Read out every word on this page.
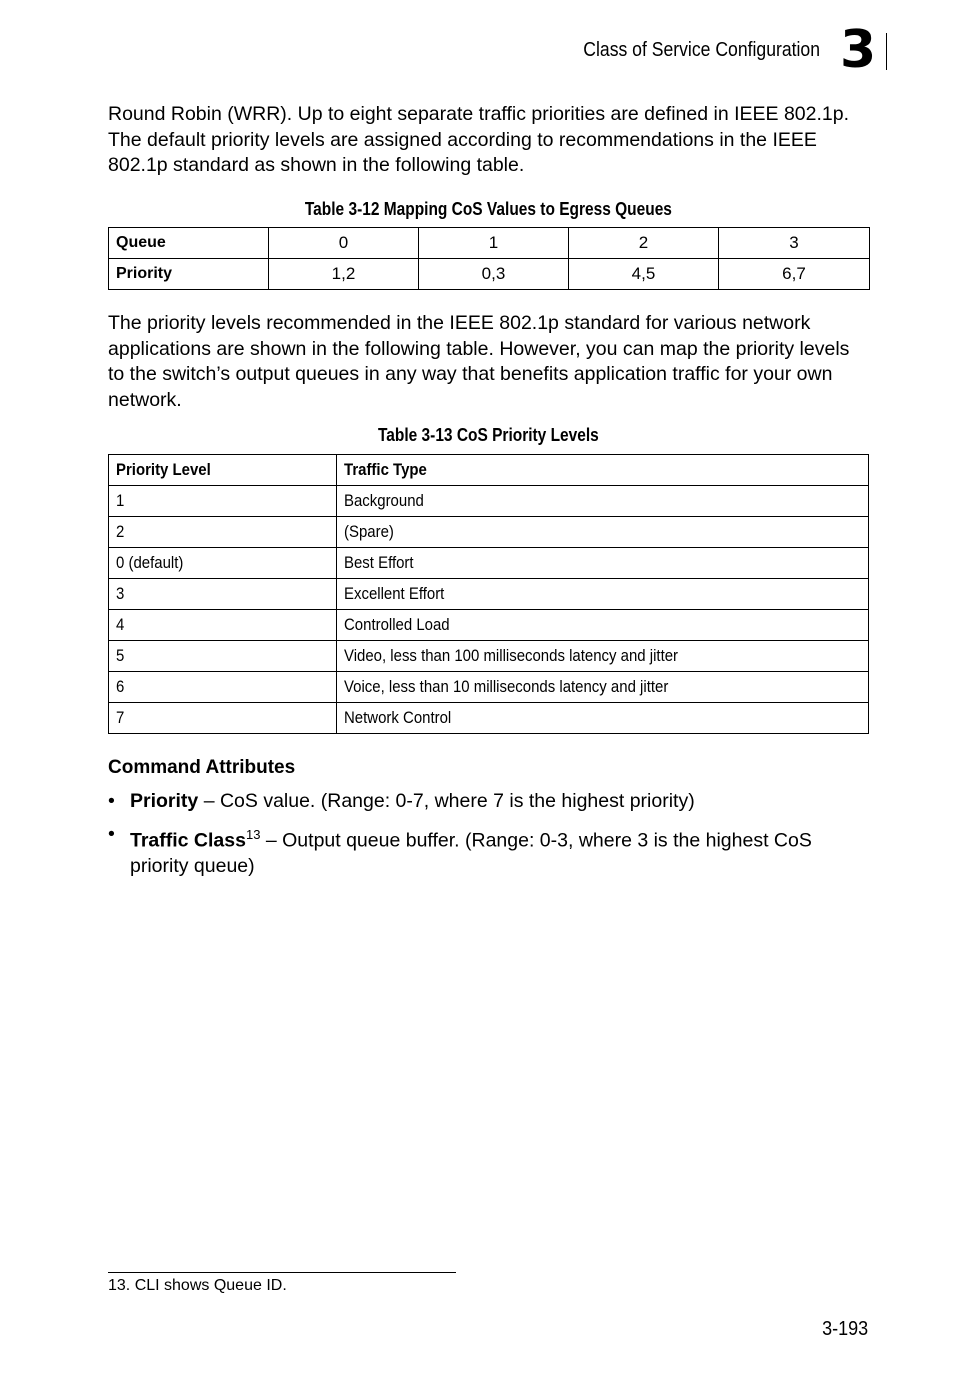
Class of Service Configuration 3

Round Robin (WRR). Up to eight separate traffic priorities are defined in IEEE 802.1p. The default priority levels are assigned according to recommendations in the IEEE 802.1p standard as shown in the following table.

Table 3-12 Mapping CoS Values to Egress Queues
Queue	0	1	2	3
Priority	1,2	0,3	4,5	6,7

The priority levels recommended in the IEEE 802.1p standard for various network applications are shown in the following table. However, you can map the priority levels to the switch’s output queues in any way that benefits application traffic for your own network.

Table 3-13 CoS Priority Levels
Priority Level	Traffic Type
1	Background
2	(Spare)
0 (default)	Best Effort
3	Excellent Effort
4	Controlled Load
5	Video, less than 100 milliseconds latency and jitter
6	Voice, less than 10 milliseconds latency and jitter
7	Network Control
Command Attributes
• Priority – CoS value. (Range: 0-7, where 7 is the highest priority)
• Traffic Class$^{13}$ – Output queue buffer. (Range: 0-3, where 3 is the highest CoS priority queue)
13. CLI shows Queue ID.
3-193
